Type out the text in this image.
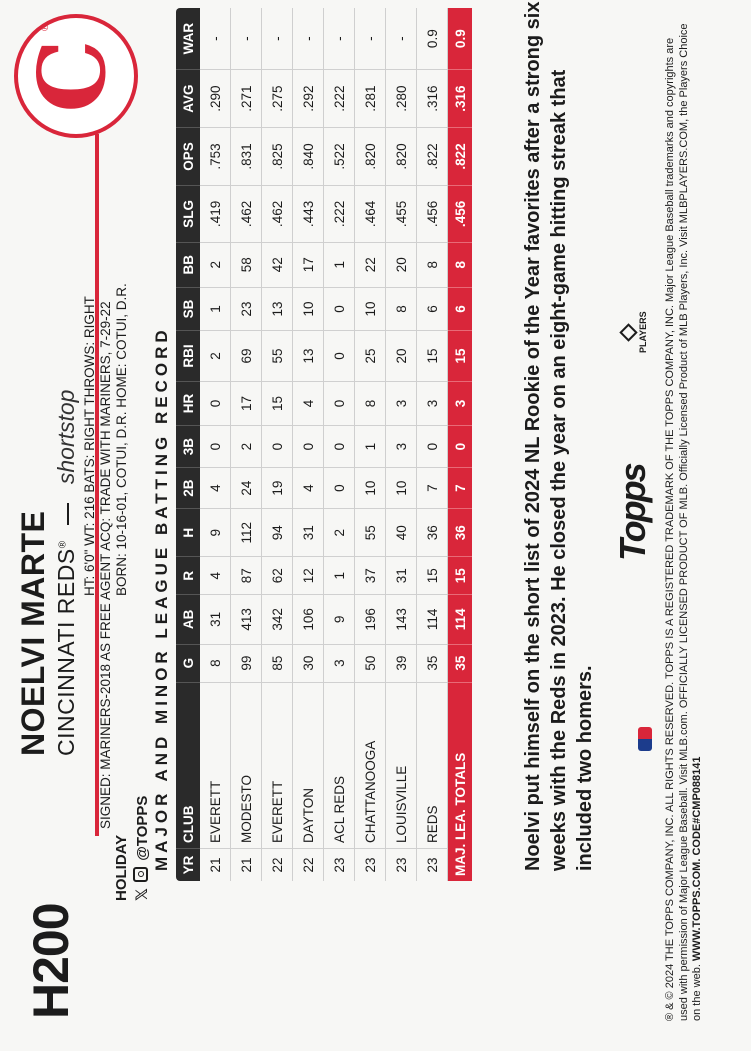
H200
HOLIDAY 𝕏  @TOPPS
C
®
NOELVI MARTE CINCINNATI REDS®  shortstop HT: 6'0" WT: 216 BATS: RIGHT THROWS: RIGHT SIGNED: MARINERS-2018 AS FREE AGENT ACQ: TRADE WITH MARINERS, 7-29-22 BORN: 10-16-01, COTUI, D.R. HOME: COTUI, D.R. MAJOR AND MINOR LEAGUE BATTING RECORD YR	CLUB	G	AB	R	H	2B	3B	HR	RBI	SB	BB	SLG	OPS	AVG	WAR
21	EVERETT	8	31	4	9	4	0	0	2	1	2	.419	.753	.290	-
21	MODESTO	99	413	87	112	24	2	17	69	23	58	.462	.831	.271	-
22	EVERETT	85	342	62	94	19	0	15	55	13	42	.462	.825	.275	-
22	DAYTON	30	106	12	31	4	0	4	13	10	17	.443	.840	.292	-
23	ACL REDS	3	9	1	2	0	0	0	0	0	1	.222	.522	.222	-
23	CHATTANOOGA	50	196	37	55	10	1	8	25	10	22	.464	.820	.281	-
23	LOUISVILLE	39	143	31	40	10	3	3	20	8	20	.455	.820	.280	-
23	REDS	35	114	15	36	7	0	3	15	6	8	.456	.822	.316	0.9
MAJ. LEA. TOTALS		35	114	15	36	7	0	3	15	6	8	.456	.822	.316	0.9	Noelvi put himself on the short list of 2024 NL Rookie of the Year favorites after a strong six weeks with the Reds in 2023. He closed the year on an eight-game hitting streak that included two homers.

Topps
PLAYERS ® & © 2024 THE TOPPS COMPANY, INC. ALL RIGHTS RESERVED. TOPPS IS A REGISTERED TRADEMARK OF THE TOPPS COMPANY, INC. Major League Baseball trademarks and copyrights are used with permission of Major League Baseball. Visit MLB.com. OFFICIALLY LICENSED PRODUCT OF MLB. Officially Licensed Product of MLB Players, Inc. Visit MLBPLAYERS.COM, the Players Choice on the web. WWW.TOPPS.COM. CODE#CMP088141
